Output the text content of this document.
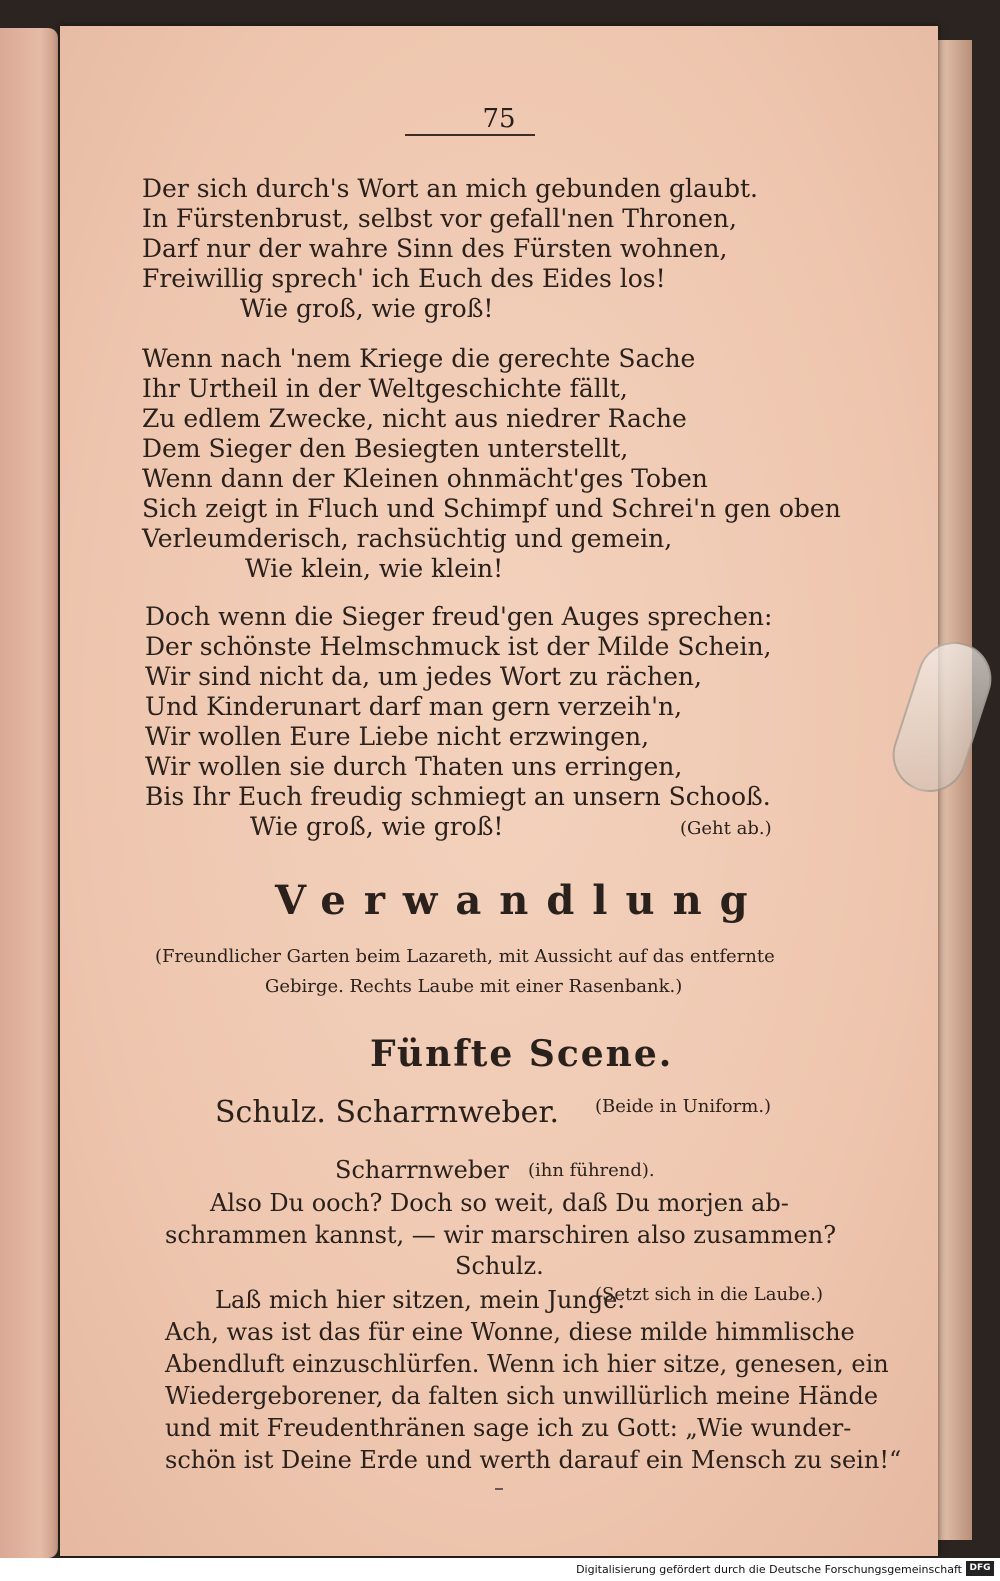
75
Der sich durch's Wort an mich gebunden glaubt.
In Fürstenbrust, selbst vor gefall'nen Thronen,
Darf nur der wahre Sinn des Fürsten wohnen,
Freiwillig sprech' ich Euch des Eides los!
Wie groß, wie groß!
Wenn nach 'nem Kriege die gerechte Sache
Ihr Urtheil in der Weltgeschichte fällt,
Zu edlem Zwecke, nicht aus niedrer Rache
Dem Sieger den Besiegten unterstellt,
Wenn dann der Kleinen ohnmächt'ges Toben
Sich zeigt in Fluch und Schimpf und Schrei'n gen oben
Verleumderisch, rachsüchtig und gemein,
Wie klein, wie klein!
Doch wenn die Sieger freud'gen Auges sprechen:
Der schönste Helmschmuck ist der Milde Schein,
Wir sind nicht da, um jedes Wort zu rächen,
Und Kinderunart darf man gern verzeih'n,
Wir wollen Eure Liebe nicht erzwingen,
Wir wollen sie durch Thaten uns erringen,
Bis Ihr Euch freudig schmiegt an unsern Schooß.
Wie groß, wie groß!	(Geht ab.)
Verwandlung
(Freundlicher Garten beim Lazareth, mit Aussicht auf das entfernte
Gebirge. Rechts Laube mit einer Rasenbank.)
Fünfte Scene.
Schulz. Scharrnweber. (Beide in Uniform.)
Scharrnweber (ihn führend).
Also Du ooch? Doch so weit, daß Du morjen ab-
schrammen kannst, — wir marschiren also zusammen?
Schulz.
Laß mich hier sitzen, mein Junge.
(Setzt sich in die Laube.)
Ach, was ist das für eine Wonne, diese milde himmlische
Abendluft einzuschlürfen. Wenn ich hier sitze, genesen, ein
Wiedergeborener, da falten sich unwillürlich meine Hände
und mit Freudenthränen sage ich zu Gott: „Wie wunder-
schön ist Deine Erde und werth darauf ein Mensch zu sein!“
Digitalisierung gefördert durch die Deutsche Forschungsgemeinschaft DFG
